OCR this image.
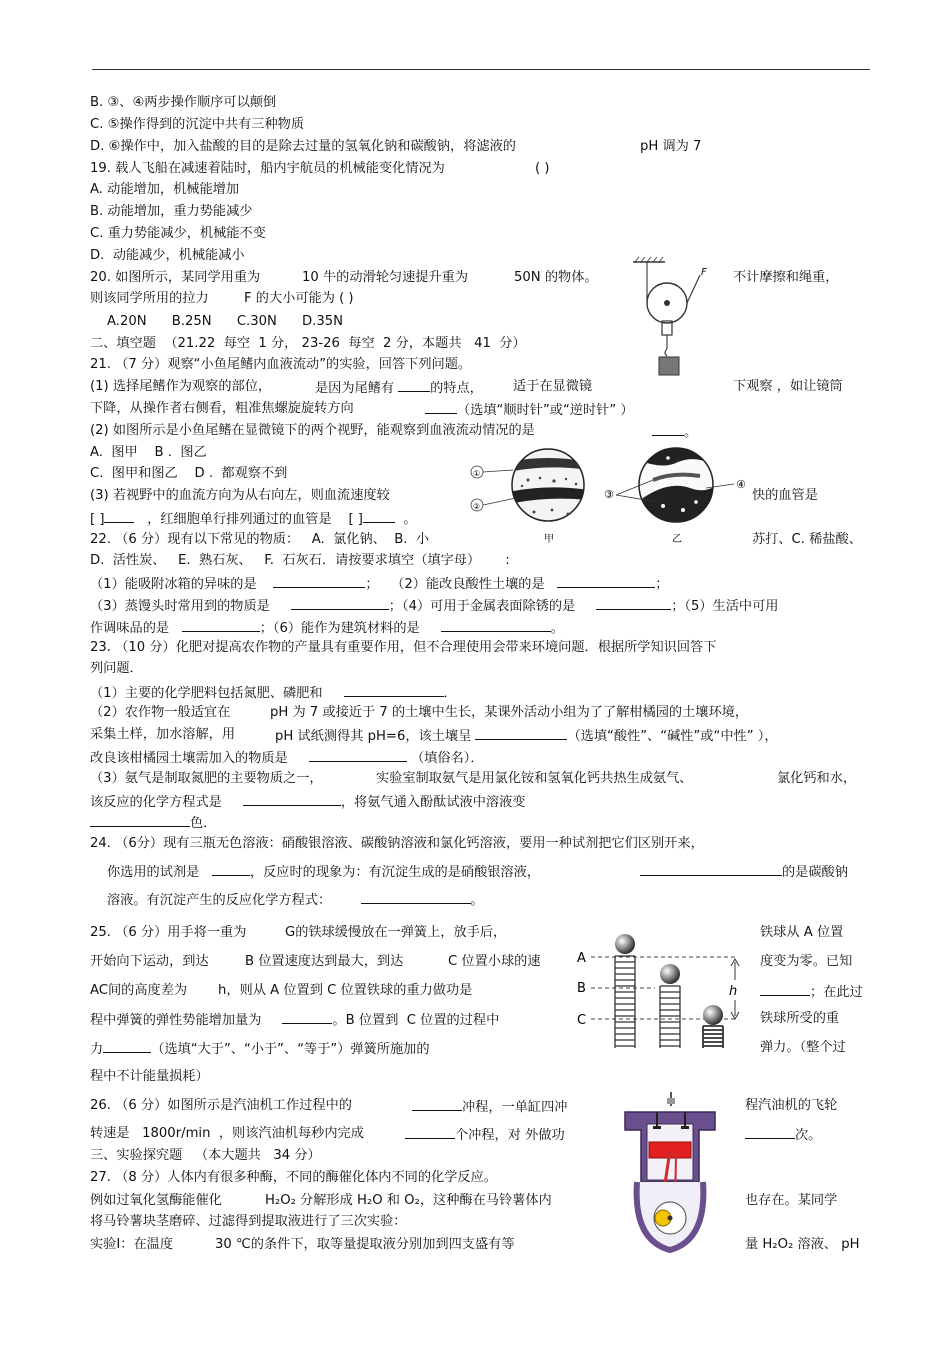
B. ③、④两步操作顺序可以颠倒
C. ⑤操作得到的沉淀中共有三种物质
D. ⑥操作中，加入盐酸的目的是除去过量的氢氧化钠和碳酸钠，将滤液的	pH 调为 7
19. 载人飞船在减速着陆时，船内宇航员的机械能变化情况为	( )
A. 动能增加，机械能增加
B. 动能增加，重力势能减少
C. 重力势能减少，机械能不变
D.  动能减少，机械能减小
20. 如图所示，某同学用重为	10 牛的动滑轮匀速提升重为	50N 的物体。	不计摩擦和绳重，
则该同学所用的拉力	F 的大小可能为 ( )
A.20N      B.25N      C.30N      D.35N
F
二、填空题  （21.22  每空  1 分， 23-26  每空  2 分，本题共   41  分）
21. （7 分）观察“小鱼尾鳍内血液流动”的实验，回答下列问题。
(1) 选择尾鳍作为观察的部位，	是因为尾鳍有	的特点， 适于在显微镜	下观察 ，如让镜筒
下降，从操作者右侧看，粗准焦螺旋旋转方向	（选填“顺时针”或“逆时针” ）
(2) 如图所示是小鱼尾鳍在显微镜下的两个视野，能观察到血液流动情况的是	。
A.  图甲    B .  图乙
C.  图甲和图乙    D .  都观察不到
(3) 若视野中的血流方向为从右向左，则血流速度较	快的血管是
[ ]	，红细胞单行排列通过的血管是 [ ]  。
①
②
③
④
甲	乙
22. （6 分）现有以下常见的物质：   A.  氯化钠、  B.  小	苏打、C. 稀盐酸、
D.  活性炭、   E.  熟石灰、   F.  石灰石．请按要求填空（填字母）      :
（1）能吸附冰箱的异味的是	；   （2）能改良酸性土壤的是	；
（3）蒸馒头时常用到的物质是	；（4）可用于金属表面除锈的是	；（5）生活中可用
作调味品的是	；（6）能作为建筑材料的是	。
23. （10 分）化肥对提高农作物的产量具有重要作用，但不合理使用会带来环境问题．根据所学知识回答下
列问题．
（1）主要的化学肥料包括氮肥、磷肥和	．
（2）农作物一般适宜在	pH 为 7 或接近于 7 的土壤中生长，某课外活动小组为了了解柑橘园的土壤环境，
采集土样，加水溶解，用	pH 试纸测得其 pH=6，该土壤呈	（选填“酸性”、“碱性”或“中性” ），
改良该柑橘园土壤需加入的物质是	（填俗名）．
（3）氨气是制取氮肥的主要物质之一，	实验室制取氨气是用氯化铵和氢氧化钙共热生成氨气、	氯化钙和水，
该反应的化学方程式是	，将氨气通入酚酞试液中溶液变
色．
24. （6分）现有三瓶无色溶液：硝酸银溶液、碳酸钠溶液和氯化钙溶液，要用一种试剂把它们区别开来，
你选用的试剂是	，反应时的现象为：有沉淀生成的是硝酸银溶液，	的是碳酸钠
溶液。有沉淀产生的反应化学方程式：	。
25. （6 分）用手将一重为	G的铁球缓慢放在一弹簧上，放手后，	铁球从 A 位置
开始向下运动，到达	B 位置速度达到最大，到达	C 位置小球的速	度变为零。已知
AC间的高度差为 h，则从 A 位置到 C 位置铁球的重力做功是	；在此过
程中弹簧的弹性势能增加量为	。B 位置到  C 位置的过程中	铁球所受的重
力	（选填“大于”、“小于”、“等于”）弹簧所施加的	弹力。（整个过
程中不计能量损耗）
A
B
C
h
26. （6 分）如图所示是汽油机工作过程中的	冲程，一单缸四冲	程汽油机的飞轮
转速是   1800r/min  ，则该汽油机每秒内完成	个冲程，对 外做功	次。
三、实验探究题   （本大题共   34 分）
27. （8 分）人体内有很多种酶，不同的酶催化体内不同的化学反应。
例如过氧化氢酶能催化	H₂O₂ 分解形成 H₂O 和 O₂，这种酶在马铃薯体内	也存在。某同学
将马铃薯块茎磨碎、过滤得到提取液进行了三次实验：
实验Ⅰ：在温度	30 ℃的条件下，取等量提取液分别加到四支盛有等	量 H₂O₂ 溶液、 pH
